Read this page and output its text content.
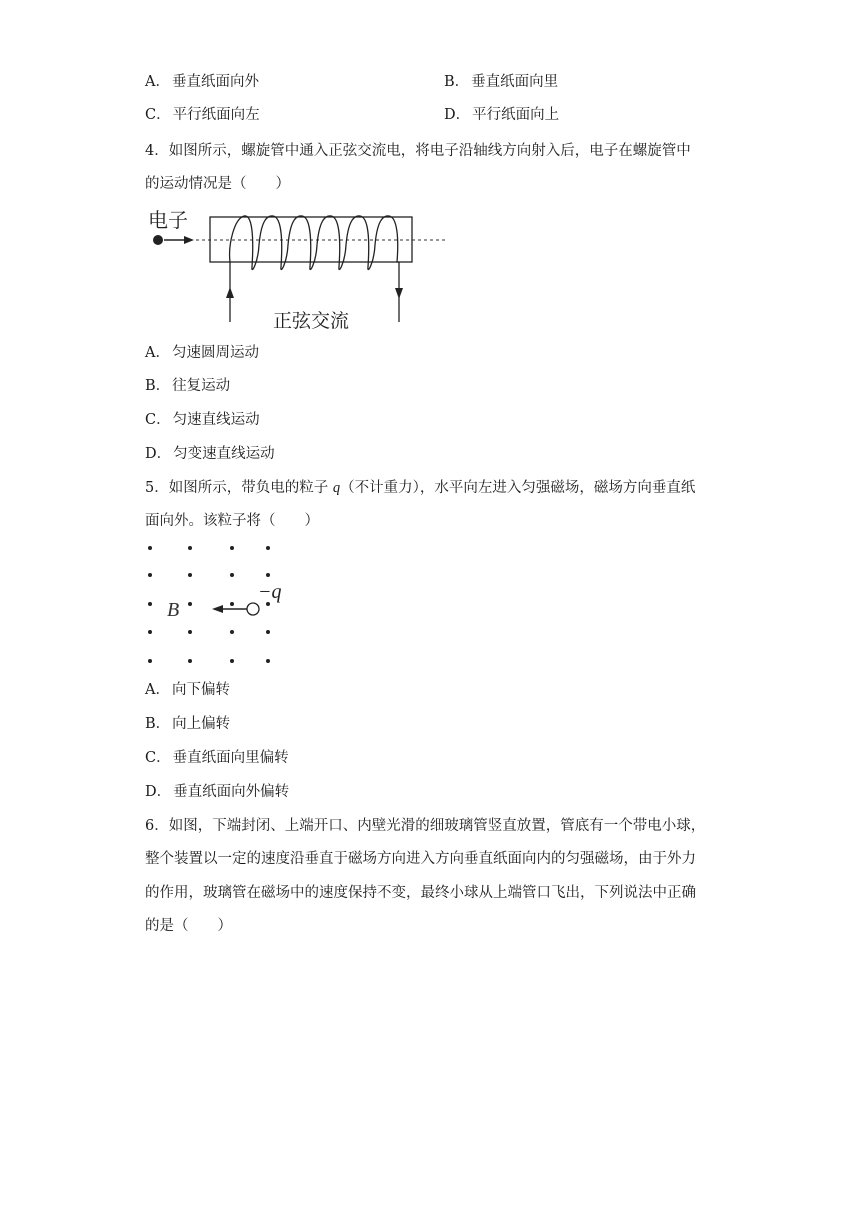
A． 垂直纸面向外	B． 垂直纸面向里
C． 平行纸面向左	D． 平行纸面向上
4．如图所示，螺旋管中通入正弦交流电，将电子沿轴线方向射入后，电子在螺旋管中
的运动情况是（　　）
电子
正弦交流
A． 匀速圆周运动
B． 往复运动
C． 匀速直线运动
D． 匀变速直线运动
5．如图所示，带负电的粒子 q（不计重力），水平向左进入匀强磁场，磁场方向垂直纸
面向外。该粒子将（　　）
B
−q
A． 向下偏转
B． 向上偏转
C． 垂直纸面向里偏转
D． 垂直纸面向外偏转
6．如图，下端封闭、上端开口、内壁光滑的细玻璃管竖直放置，管底有一个带电小球，
整个装置以一定的速度沿垂直于磁场方向进入方向垂直纸面向内的匀强磁场，由于外力
的作用，玻璃管在磁场中的速度保持不变，最终小球从上端管口飞出，下列说法中正确
的是（　　）
